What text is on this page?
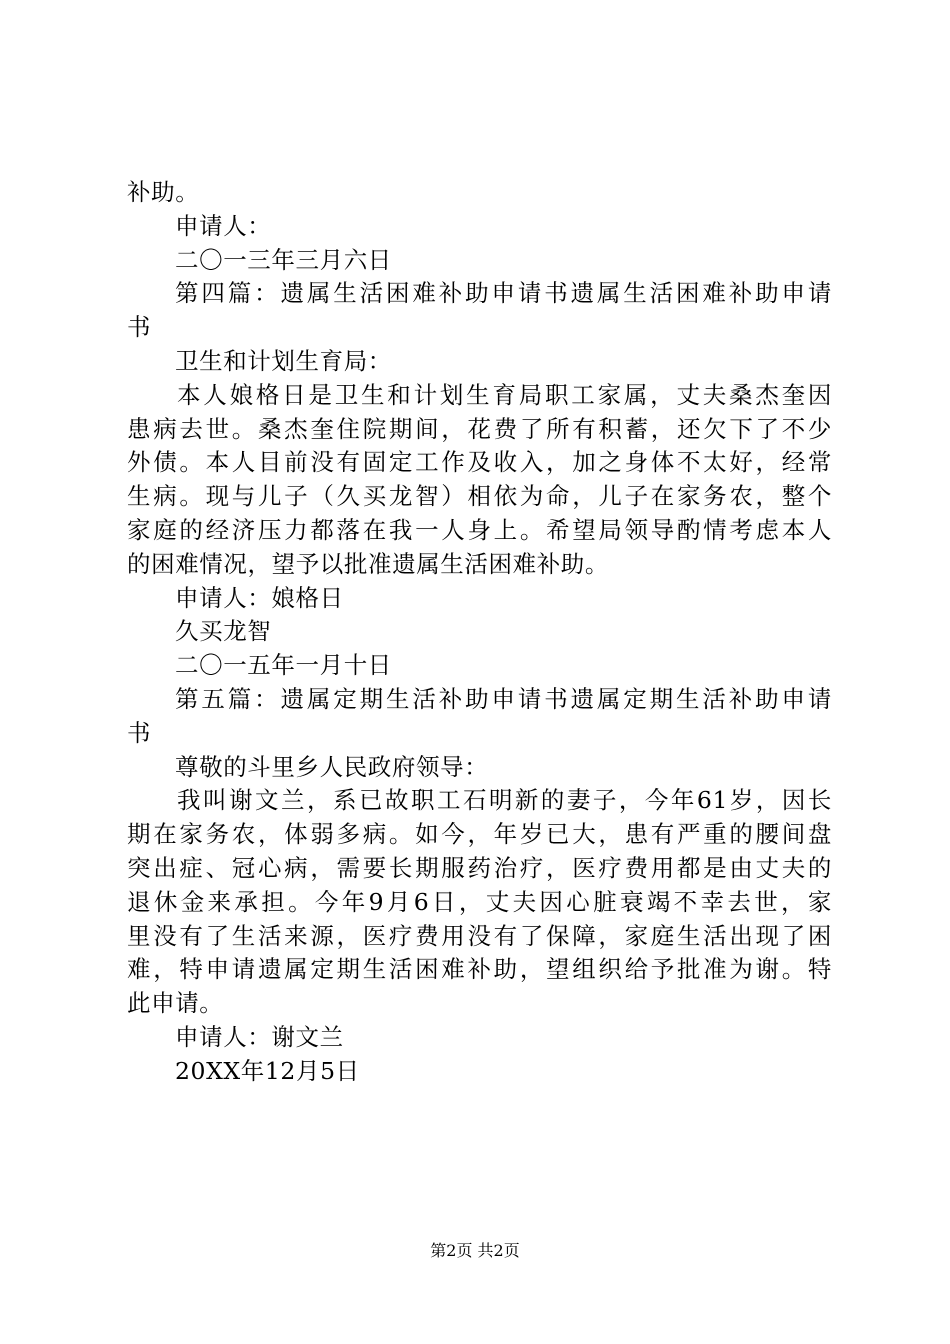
补助。
申请人：
二〇一三年三月六日
第四篇：遗属生活困难补助申请书遗属生活困难补助申请
书
卫生和计划生育局：
本人娘格日是卫生和计划生育局职工家属，丈夫桑杰奎因
患病去世。桑杰奎住院期间，花费了所有积蓄，还欠下了不少
外债。本人目前没有固定工作及收入，加之身体不太好，经常
生病。现与儿子（久买龙智）相依为命，儿子在家务农，整个
家庭的经济压力都落在我一人身上。希望局领导酌情考虑本人
的困难情况，望予以批准遗属生活困难补助。
申请人：娘格日
久买龙智
二〇一五年一月十日
第五篇：遗属定期生活补助申请书遗属定期生活补助申请
书
尊敬的斗里乡人民政府领导：
我叫谢文兰，系已故职工石明新的妻子，今年61岁，因长
期在家务农，体弱多病。如今，年岁已大，患有严重的腰间盘
突出症、冠心病，需要长期服药治疗，医疗费用都是由丈夫的
退休金来承担。今年9月6日，丈夫因心脏衰竭不幸去世，家
里没有了生活来源，医疗费用没有了保障，家庭生活出现了困
难，特申请遗属定期生活困难补助，望组织给予批准为谢。特
此申请。
申请人：谢文兰
20XX年12月5日
第2页 共2页
